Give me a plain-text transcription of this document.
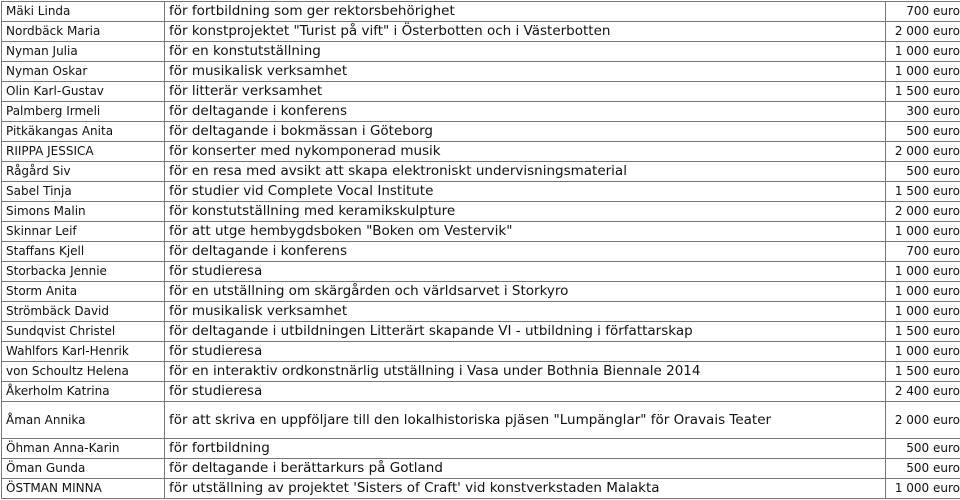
Mäki Linda	för fortbildning som ger rektorsbehörighet	700 euro
Nordbäck Maria	för konstprojektet "Turist på vift" i Österbotten och i Västerbotten	2 000 euro
Nyman Julia	för en konstutställning	1 000 euro
Nyman Oskar	för musikalisk verksamhet	1 000 euro
Olin Karl-Gustav	för litterär verksamhet	1 500 euro
Palmberg Irmeli	för deltagande i konferens	300 euro
Pitkäkangas Anita	för deltagande i bokmässan i Göteborg	500 euro
RIIPPA JESSICA	för konserter med nykomponerad musik	2 000 euro
Rågård Siv	för en resa med avsikt att skapa elektroniskt undervisningsmaterial	500 euro
Sabel Tinja	för studier vid Complete Vocal Institute	1 500 euro
Simons Malin	för konstutställning med keramikskulpture	2 000 euro
Skinnar Leif	för att utge hembygdsboken "Boken om Vestervik"	1 000 euro
Staffans Kjell	för deltagande i konferens	700 euro
Storbacka Jennie	för studieresa	1 000 euro
Storm Anita	för en utställning om skärgården och världsarvet i Storkyro	1 000 euro
Strömbäck David	för musikalisk verksamhet	1 000 euro
Sundqvist Christel	för deltagande i utbildningen Litterärt skapande VI - utbildning i författarskap	1 500 euro
Wahlfors Karl-Henrik	för studieresa	1 000 euro
von Schoultz Helena	för en interaktiv ordkonstnärlig utställning i Vasa under Bothnia Biennale 2014	1 500 euro
Åkerholm Katrina	för studieresa	2 400 euro
Åman Annika	för att skriva en uppföljare till den lokalhistoriska pjäsen "Lumpänglar" för Oravais Teater	2 000 euro
Öhman Anna-Karin	för fortbildning	500 euro
Öman Gunda	för deltagande i berättarkurs på Gotland	500 euro
ÖSTMAN MINNA	för utställning av projektet 'Sisters of Craft' vid konstverkstaden Malakta	1 000 euro
